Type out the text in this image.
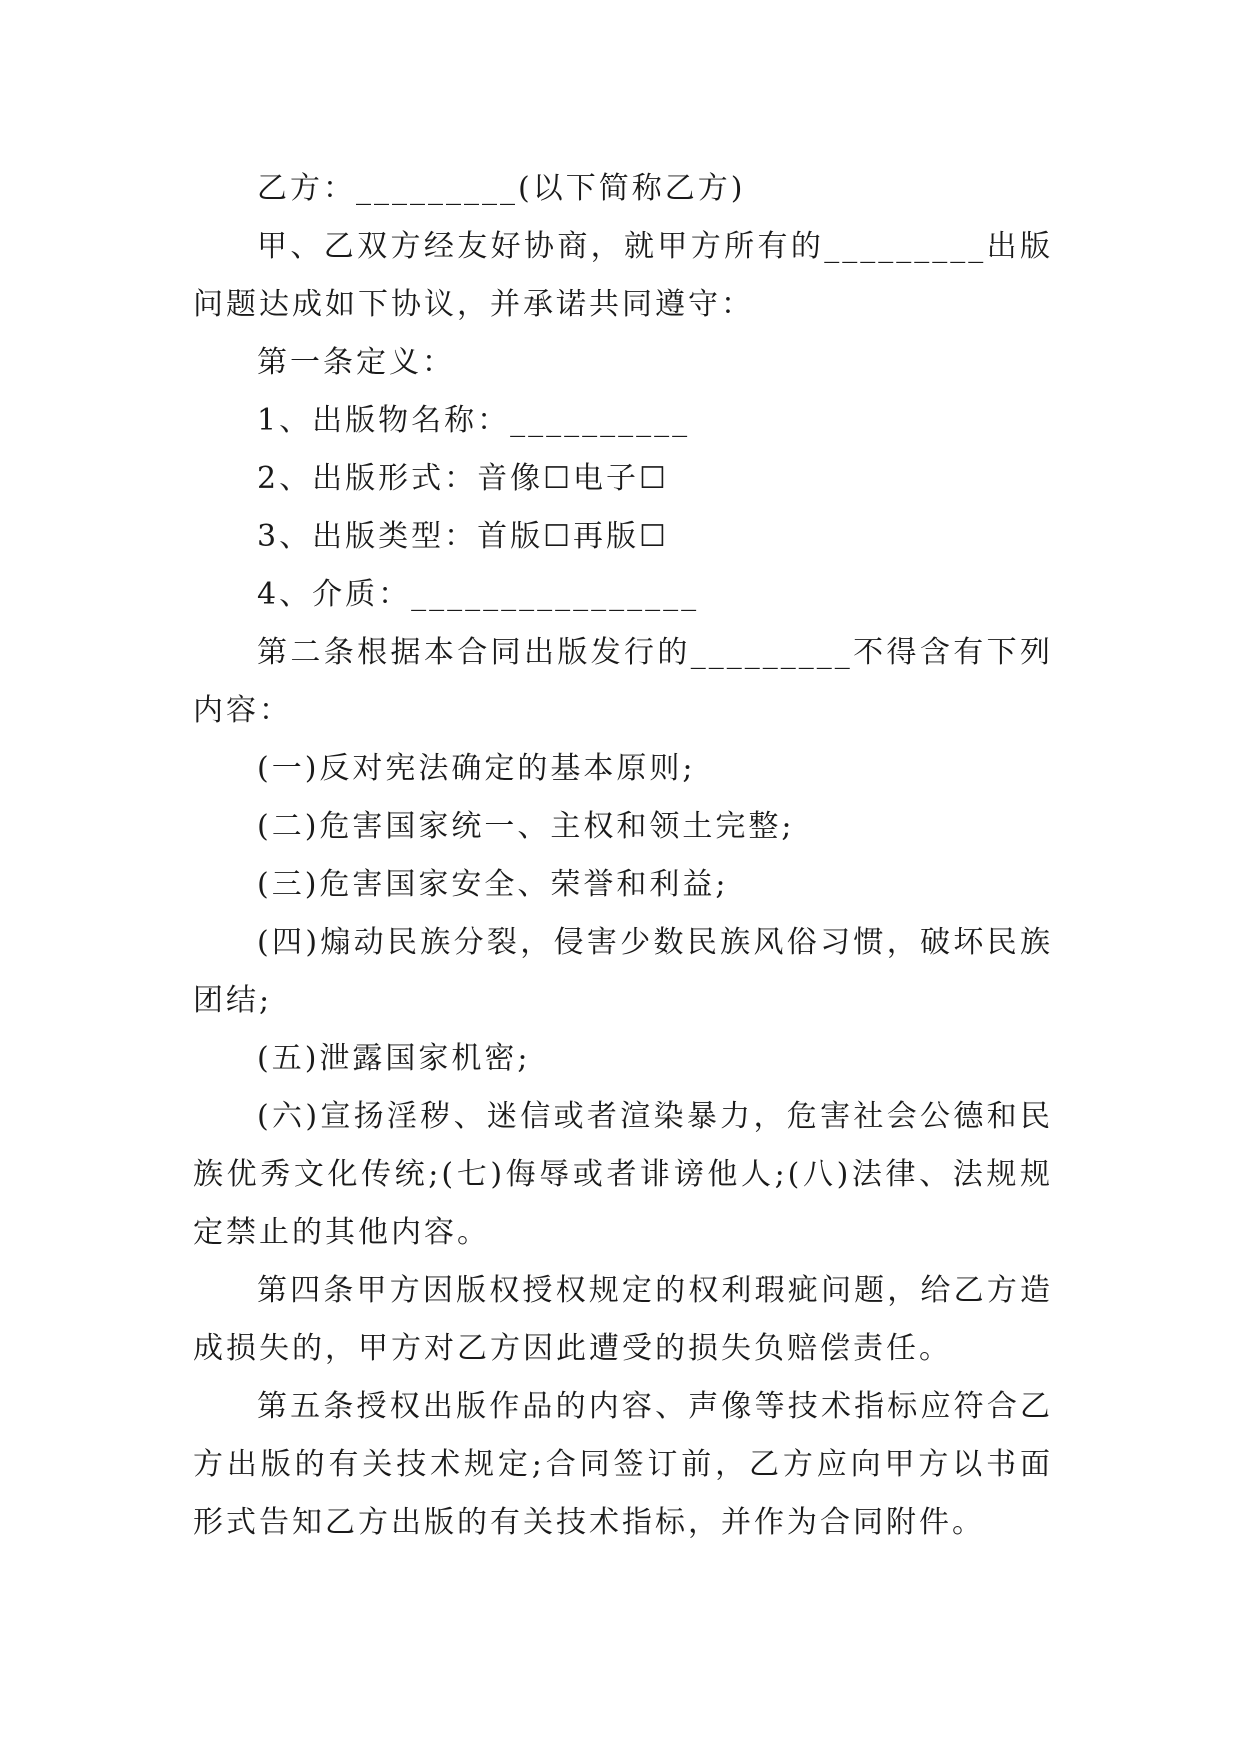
乙方：_________(以下简称乙方)

甲、乙双方经友好协商，就甲方所有的_________出版问题达成如下协议，并承诺共同遵守：

第一条定义：

1、出版物名称：__________

2、出版形式：音像☐电子☐

3、出版类型：首版☐再版☐

4、介质：________________

第二条根据本合同出版发行的_________不得含有下列内容：

(一)反对宪法确定的基本原则;

(二)危害国家统一、主权和领土完整;

(三)危害国家安全、荣誉和利益;

(四)煽动民族分裂，侵害少数民族风俗习惯，破坏民族团结;

(五)泄露国家机密;

(六)宣扬淫秽、迷信或者渲染暴力，危害社会公德和民族优秀文化传统;(七)侮辱或者诽谤他人;(八)法律、法规规定禁止的其他内容。

第四条甲方因版权授权规定的权利瑕疵问题，给乙方造成损失的，甲方对乙方因此遭受的损失负赔偿责任。

第五条授权出版作品的内容、声像等技术指标应符合乙方出版的有关技术规定;合同签订前，乙方应向甲方以书面形式告知乙方出版的有关技术指标，并作为合同附件。
